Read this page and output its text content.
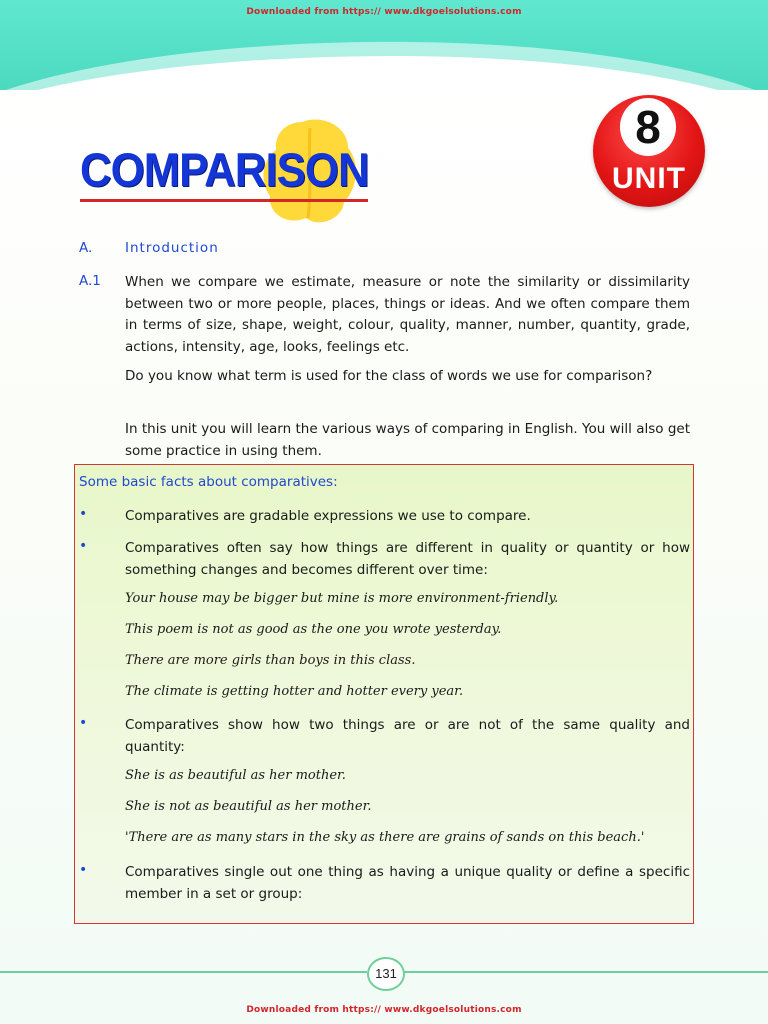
Downloaded from https:// www.dkgoelsolutions.com
8
UNIT
COMPARISON
A. Introduction
A.1 When we compare we estimate, measure or note the similarity or dissimilarity between two or more people, places, things or ideas. And we often compare them in terms of size, shape, weight, colour, quality, manner, number, quantity, grade, actions, intensity, age, looks, feelings etc.
Do you know what term is used for the class of words we use for comparison?
In this unit you will learn the various ways of comparing in English. You will also get some practice in using them.
Some basic facts about comparatives:
•	Comparatives are gradable expressions we use to compare.
•	Comparatives often say how things are different in quality or quantity or how something changes and becomes different over time:
Your house may be bigger but mine is more environment-friendly.
This poem is not as good as the one you wrote yesterday.
There are more girls than boys in this class.
The climate is getting hotter and hotter every year.
•	Comparatives show how two things are or are not of the same quality and quantity:
She is as beautiful as her mother.
She is not as beautiful as her mother.
'There are as many stars in the sky as there are grains of sands on this beach.'
•	Comparatives single out one thing as having a unique quality or define a specific member in a set or group:
131
Downloaded from https:// www.dkgoelsolutions.com
